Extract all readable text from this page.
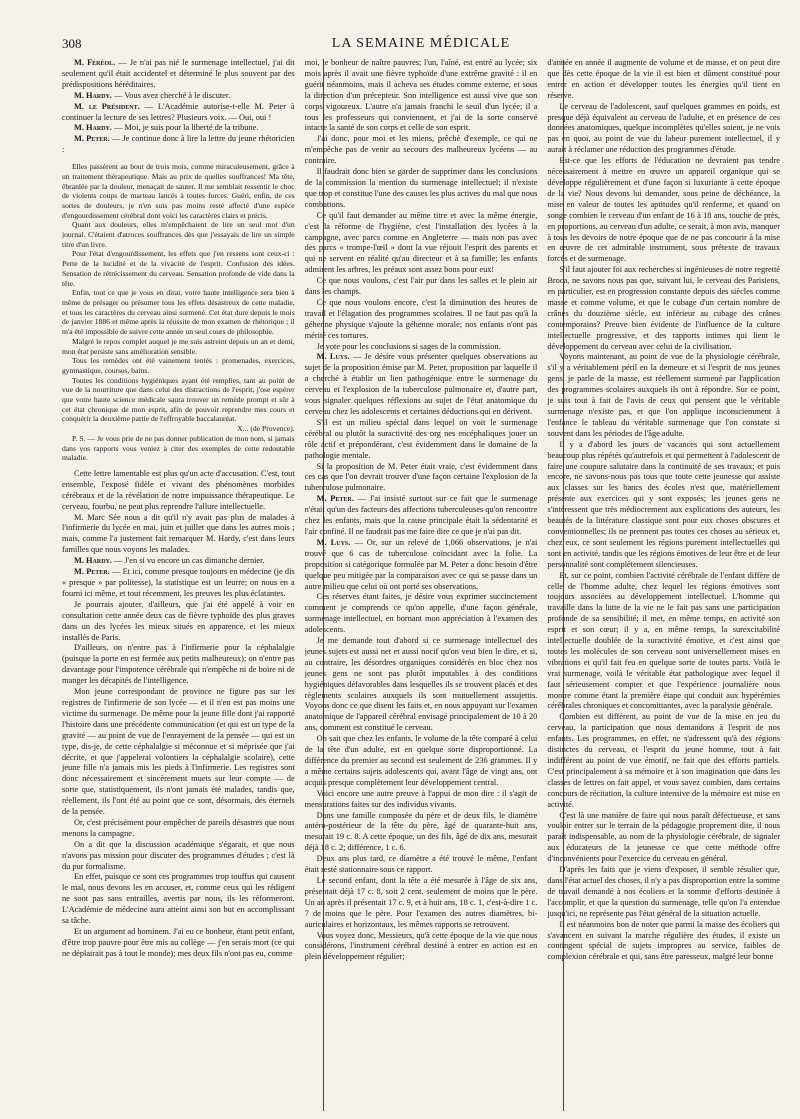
308	LA SEMAINE MÉDICALE

M. Féréol. — Je n'ai pas nié le surmenage intellectuel, j'ai dit seulement qu'il était accidentel et déterminé le plus souvent par des prédispositions héréditaires.

M. Hardy. — Vous avez cherché à le discuter.

M. le Président. — L'Académie autorise-t-elle M. Peter à continuer la lecture de ses lettres? Plusieurs voix. — Oui, oui !

M. Hardy. — Moi, je suis pour la liberté de la tribune.

M. Peter. — Je continue donc à lire la lettre du jeune rhétoricien :

Elles passèrent au bout de trois mois, comme miraculeusement, grâce à un traitement thérapeutique. Mais au prix de quelles souffrances! Ma tête, ébranlée par la douleur, menaçait de sauter. Il me semblait ressentir le choc de violents coups de marteau lancés à toutes forces. Guéri, enfin, de ces sortes de douleurs, je n'en suis pas moins resté affecté d'une espèce d'engourdissement cérébral dont voici les caractères clairs et précis.

Quant aux douleurs, elles m'empêchaient de lire un seul mot d'un journal. C'étaient d'atroces souffrances dès que j'essayais de lire un simple titre d'un livre.

Pour l'état d'engourdissement, les effets que j'en ressens sont ceux-ci : Perte de la lucidité et de la vivacité de l'esprit. Confusion des idées. Sensation de rétrécissement du cerveau. Sensation profonde de vide dans la tête.

Enfin, tout ce que je vous en dirai, votre haute intelligence sera bien à même de présager ou présumer tous les effets désastreux de cette maladie, et tous les caractères du cerveau ainsi surmené. Cet état dure depuis le mois de janvier 1886 et même après la réussite de mon examen de rhétorique ; il m'a été impossible de suivre cette année un seul cours de philosophie.

Malgré le repos complet auquel je me suis astreint depuis un an et demi, mon état persiste sans amélioration sensible.

Tous les remèdes ont été vainement tentés : promenades, exercices, gymnastique, courses, bains.

Toutes les conditions hygiéniques ayant été remplies, tant au point de vue de la nourriture que dans celui des distractions de l'esprit, j'ose espérer que votre haute science médicale saura trouver un remède prompt et sûr à cet état chronique de mon esprit, afin de pouvoir reprendre mes cours et conquérir la deuxième partie de l'effroyable baccalauréat.

X... (de Provence).

P. S. — Je vous prie de ne pas donner publication de mon nom, si jamais dans vos rapports vous veniez à citer des exemples de cette redoutable maladie.

Cette lettre lamentable est plus qu'un acte d'accusation. C'est, tout ensemble, l'exposé fidèle et vivant des phénomènes morbides cérébraux et de la révélation de notre impuissance thérapeutique. Le cerveau, fourbu, ne peut plus reprendre l'allure intellectuelle.

M. Marc Sée nous a dit qu'il n'y avait pas plus de malades à l'infirmerie du lycée en mai, juin et juillet que dans les autres mois ; mais, comme l'a justement fait remarquer M. Hardy, c'est dans leurs familles que nous voyons les malades.

M. Hardy. — J'en si vu encore un cas dimanche dernier.

M. Peter. — Et ici, comme presque toujours en médecine (je dis « presque » par politesse), la statistique est un leurre; on nous en a fourni ici même, et tout récemment, les preuves les plus éclatantes.

Je pourrais ajouter, d'ailleurs, que j'ai été appelé à voir en consultation cette année deux cas de fièvre typhoïde des plus graves dans un des lycées les mieux situés en apparence, et les mieux installés de Paris.

D'ailleurs, on n'entre pas à l'infirmerie pour la céphalalgie (puisque la porte en est fermée aux petits malheureux); on n'entre pas davantage pour l'impotence cérébrale qui n'empêche ni de boire ni de manger les décapités de l'intelligence.

Mon jeune correspondant de province ne figure pas sur les registres de l'infirmerie de son lycée — et il n'en est pas moins une victime du surmenage. De même pour la jeune fille dont j'ai rapporté l'histoire dans une précédente communication (et qui est un type de la gravité — au point de vue de l'enrayement de la pensée — qui est un type, dis-je, de cette céphalalgie si méconnue et si méprisée que j'ai décrite, et que j'appelerai volontiers la céphalalgie scolaire), cette jeune fille n'a jamais mis les pieds à l'infirmerie. Les registres sont donc nécessairement et sincèrement muets sur leur compte — de sorte que, statistiquement, ils n'ont jamais été malades, tandis que, réellement, ils l'ont été au point que ce sont, désormais, des éternels de la pensée.

Or, c'est précisément pour empêcher de pareils désastres que nous menons la campagne.

On a dit que la discussion académique s'égarait, et que nous n'avons pas mission pour discuter des programmes d'études ; c'est là du pur formalisme.

En effet, puisque ce sont ces programmes trop touffus qui causent le mal, nous devons les en accuser, et, comme ceux qui les rédigent ne sont pas sans entrailles, avertis par nous, ils les réformeront. L'Académie de médecine aura atteint ainsi son but en accomplissant sa tâche.

Et un argument ad hominem. J'ai eu ce bonheur, étant petit enfant, d'être trop pauvre pour être mis au collège — j'en serais mort (ce qui ne déplairait pas à tout le monde); mes deux fils n'ont pas eu, comme

moi, le bonheur de naître pauvres; l'un, l'aîné, est entré au lycée; six mois après il avait une fièvre typhoïde d'une extrême gravité : il en guérit néanmoins, mais il acheva ses études comme externe, et sous la direction d'un précepteur. Son intelligence est aussi vive que son corps vigoureux. L'autre n'a jamais franchi le seuil d'un lycée; il a tous les professeurs qui conviennent, et j'ai de la sorte conservé intacte la santé de son corps et celle de son esprit.

J'ai donc, pour moi et les miens, prêché d'exemple, ce qui ne m'empêche pas de venir au secours des malheureux lycéens — au contraire.

Il faudrait donc bien se garder de supprimer dans les conclusions de la commission la mention du surmenage intellectuel; il n'existe que trop et constitue l'une des causes les plus actives du mal que nous combattons.

Ce qu'il faut demander au même titre et avec la même énergie, c'est la réforme de l'hygiène, c'est l'installation des lycées à la campagne, avec parcs comme en Angleterre — mais non pas avec des parcs « trompe-l'œil » dont la vue réjouit l'esprit des parents et qui ne servent en réalité qu'au directeur et à sa famille; les enfants admirent les arbres, les préaux sont assez bons pour eux!

Ce que nous voulons, c'est l'air pur dans les salles et le plein air dans les champs.

Ce que nous voulons encore, c'est la diminution des heures de travail et l'élagation des programmes scolaires. Il ne faut pas qu'à la géhenne physique s'ajoute la géhenne morale; nos enfants n'ont pas mérité ces tortures.

Je vote pour les conclusions si sages de la commission.

M. Luys. — Je désire vous présenter quelques observations au sujet de la proposition émise par M. Peter, proposition par laquelle il a cherché à établir un lien pathogénique entre le surmenage du cerveau et l'explosion de la tuberculose pulmonaire et, d'autre part, vous signaler quelques réflexions au sujet de l'état anatomique du cerveau chez les adolescents et certaines déductions qui en dérivent.

S'il est un milieu spécial dans lequel on voit le surmenage cérébral ou plutôt la suractivité des org nes encéphaliques jouer un rôle actif et prépondérant, c'est évidemment dans le domaine de la pathologie mentale.

Si la proposition de M. Peter était vraie, c'est évidemment dans ces cas que l'on devrait trouver d'une façon certaine l'explosion de la tuberculose pulmonaire.

M. Peter. — J'ai insisté surtout sur ce fait que le surmenage n'était qu'un des facteurs des affections tuberculeuses qu'on rencontre chez les enfants, mais que la cause principale était la sédentarité et l'air confiné. Il ne faudrait pas me faire dire ce que je n'ai pas dit.

M. Luys. — Or, sur un relevé de 1,066 observations, je n'ai trouvé que 6 cas de tuberculose coïncidant avec la folie. La proposition si catégorique formulée par M. Peter a donc besoin d'être quelque peu mitigée par la comparaison avec ce qui se passe dans un autre milieu que celui où ont porté ses observations.

Ces réserves étant faites, je désire vous exprimer succinctement comment je comprends ce qu'on appelle, d'une façon générale, surmenage intellectuel, en bornant mon appréciation à l'examen des adolescents.

Je me demande tout d'abord si ce surmenage intellectuel des jeunes sujets est aussi net et aussi nocif qu'on veut bien le dire, et si, au contraire, les désordres organiques considérés en bloc chez nos jeunes gens ne sont pas plutôt imputables à des conditions hygiéniques défavorables dans lesquelles ils se trouvent placés et des règlements scolaires auxquels ils sont mutuellement assujettis. Voyons donc ce que disent les faits et, en nous appuyant sur l'examen anatomique de l'appareil cérébral envisagé principalement de 10 à 20 ans, comment est constitué le cerveau.

On sait que chez les enfants, le volume de la tête comparé à celui de la tête d'un adulte, est en quelque sorte disproportionné. La différence du premier au second est seulement de 236 grammes. Il y a même certains sujets adolescents qui, avant l'âge de vingt ans, ont acquis presque complètement leur développement central.

Voici encore une autre preuve à l'appui de mon dire : il s'agit de mensurations faites sur des individus vivants.

Dans une famille composée du père et de deux fils, le diamètre antéro-postérieur de la tête du père, âgé de quarante-huit ans, mesurait 19 c. 8. A cette époque, un des fils, âgé de dix ans, mesurait déjà 18 c. 2; différence, 1 c. 6.

Deux ans plus tard, ce diamètre a été trouvé le même, l'enfant était resté stationnaire sous ce rapport.

Le second enfant, dont la tête a été mesurée à l'âge de six ans, présentait déjà 17 c. 8, soit 2 cent. seulement de moins que le père. Un an après il présentait 17 c. 9, et à huit ans, 18 c. 1, c'est-à-dire 1 c. 7 de moins que le père. Pour l'examen des autres diamètres, bi-auriculaires et horizontaux, les mêmes rapports se retrouvent.

Vous voyez donc, Messieurs, qu'à cette époque de la vie que nous considérons, l'instrument cérébral destiné à entrer en action est en plein développement régulier;

d'année en année il augmente de volume et de masse, et on peut dire que dès cette époque de la vie il est bien et dûment constitué pour entrer en action et développer toutes les énergies qu'il tient en réserve.

Le cerveau de l'adolescent, sauf quelques grammes en poids, est presque déjà équivalent au cerveau de l'adulte, et en présence de ces données anatomiques, quelque incomplètes qu'elles soient, je ne vois pas en quoi, au point de vue du labeur purement intellectuel, il y aurait à réclamer une réduction des programmes d'étude.

Est-ce que les efforts de l'éducation ne devraient pas tendre nécessairement à mettre en œuvre un appareil organique qui se développe régulièrement et d'une façon si luxuriante à cette époque de la vie? Nous devons lui demander, sous peine de déchéance, la mise en valeur de toutes les aptitudes qu'il renferme, et quand on songe combien le cerveau d'un enfant de 16 à 18 ans, touche de près, en proportions, au cerveau d'un adulte, ce serait, à mon avis, manquer à tous les devoirs de notre époque que de ne pas concourir à la mise en œuvre de cet admirable instrument, sous prétexte de travaux forcés et de surmenage.

S'il faut ajouter foi aux recherches si ingénieuses de notre regretté Broca, ne savons nous pas que, suivant lui, le cerveau des Parisiens, en particulier, est en progression constante depuis des siècles comme masse et comme volume, et que le cubage d'un certain nombre de crânes du douzième siècle, est inférieur au cubage des crânes contemporains? Preuve bien évidente de l'influence de la culture intellectuelle progressive, et des rapports intimes qui lient le développement du cerveau avec celui de la civilisation.

Voyons maintenant, au point de vue de la physiologie cérébrale, s'il y a véritablement péril en la demeure et si l'esprit de nos jeunes gens, je parle de la masse, est réellement surmené par l'application des programmes scolaires auxquels ils ont à répondre. Sur ce point, je suis tout à fait de l'avis de ceux qui pensent que le véritable surmenage n'existe pas, et que l'on applique inconsciemment à l'enfance le tableau du véritable surmenage que l'on constate si souvent dans les périodes de l'âge adulte.

Il y a d'abord les jours de vacances qui sont actuellement beaucoup plus répétés qu'autrefois et qui permettent à l'adolescent de faire une coupure salutaire dans la continuité de ses travaux; et puis encore, ne savons-nous pas tous que toute cette jeunesse qui assiste aux classes sur les bancs des écoles n'est que, matériellement présente aux exercices qui y sont exposés; les jeunes gens ne s'intéressent que très médiocrement aux explications des auteurs, les beautés de la littérature classique sont pour eux choses obscures et conventionnelles; ils ne prennent pas toutes ces choses au sérieux et, chez eux, ce sont seulement les régions purement intellectuelles qui sont en activité, tandis que les régions émotives de leur être et de leur personnalité sont complètement silencieuses.

Et, sur ce point, combien l'activité cérébrale de l'enfant diffère de celle de l'homme adulte, chez lequel les régions émotives sont toujours associées au développement intellectuel. L'homme qui travaille dans la lutte de la vie ne le fait pas sans une participation profonde de sa sensibilité; il met, en même temps, en activité son esprit et son cœur; il y a, en même temps, la surexcitabilité intellectuelle doublée de la suractivité émotive, et c'est ainsi que toutes les molécules de son cerveau sont universellement mises en vibrations et qu'il fait feu en quelque sorte de toutes parts. Voilà le vrai surmenage, voilà le véritable état pathologique avec lequel il faut sérieusement compter et que l'expérience journalière nous montre comme étant la première étape qui conduit aux hypérémies cérébrales chroniques et concomittantes, avec la paralysie générale.

Combien est différent, au point de vue de la mise en jeu du cerveau, la participation que nous demandons à l'esprit de nos enfants. Les programmes, en effet, ne s'adressent qu'à des régions distinctes du cerveau, et l'esprit du jeune homme, tout à fait indifférent au point de vue émotif, ne fait que des efforts partiels. C'est principalement à sa mémoire et à son imagination que dans les classes de lettres on fait appel, et vous savez combien, dans certains concours de récitation, la culture intensive de la mémoire est mise en activité.

C'est là une manière de faire qui nous paraît défectueuse, et sans vouloir entrer sur le terrain de la pédagogie proprement dite, il nous paraît indispensable, au nom de la physiologie cérébrale, de signaler aux éducateurs de la jeunesse ce que cette méthode offre d'inconvénients pour l'exercice du cerveau en général.

D'après les faits que je viens d'exposer, il semble résulter que, dans l'état actuel des choses, il n'y a pas disproportion entre la somme de travail demandé à nos écoliers et la somme d'efforts destinée à l'accomplir, et que la question du surmenage, telle qu'on l'a entendue jusqu'ici, ne représente pas l'état général de la situation actuelle.

Il est néanmoins bon de noter que parmi la masse des écoliers qui s'avancent en suivant la marche régulière des études, il existe un contingent spécial de sujets impropres au service, faibles de complexion cérébrale et qui, sans être paresseux, malgré leur bonne
